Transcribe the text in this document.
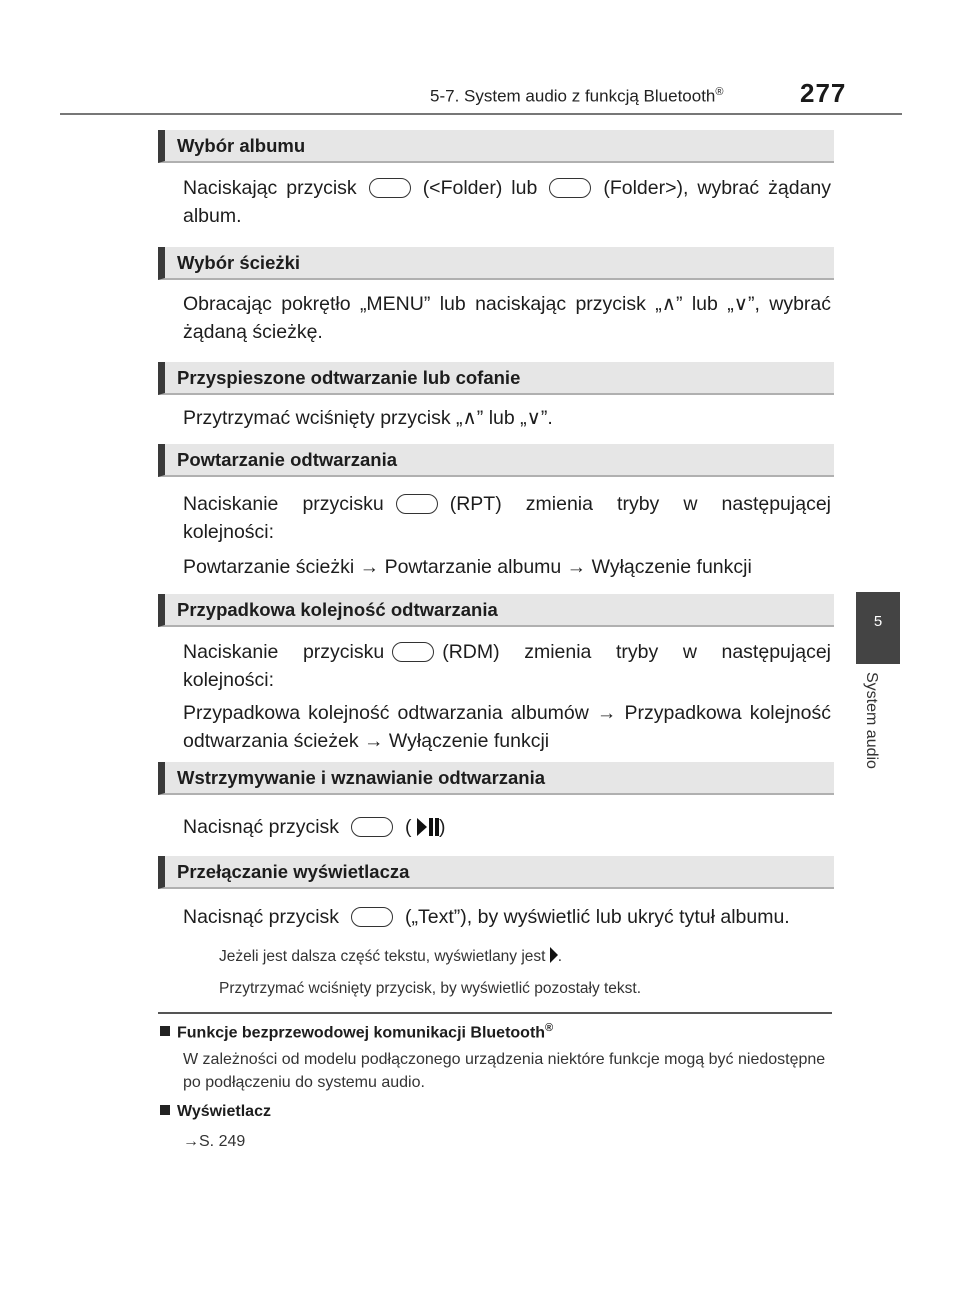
5-7. System audio z funkcją Bluetooth®	277
5
System audio
Wybór albumu
Naciskając przycisk	(<Folder) lub	(Folder>), wybrać żądany album.
Wybór ścieżki
Obracając pokrętło „MENU” lub naciskając przycisk „∧” lub „∨”, wybrać żądaną ścieżkę.
Przyspieszone odtwarzanie lub cofanie
Przytrzymać wciśnięty przycisk „∧” lub „∨”.
Powtarzanie odtwarzania
Naciskanie przycisku	(RPT) zmienia tryby w następującej kolejności:
Powtarzanie ścieżki → Powtarzanie albumu → Wyłączenie funkcji
Przypadkowa kolejność odtwarzania
Naciskanie przycisku	(RDM) zmienia tryby w następującej kolejności:
Przypadkowa kolejność odtwarzania albumów → Przypadkowa kolejność odtwarzania ścieżek → Wyłączenie funkcji
Wstrzymywanie i wznawianie odtwarzania
Nacisnąć przycisk	( )
Przełączanie wyświetlacza
Nacisnąć przycisk	(„Text”), by wyświetlić lub ukryć tytuł albumu.
Jeżeli jest dalsza część tekstu, wyświetlany jest .
Przytrzymać wciśnięty przycisk, by wyświetlić pozostały tekst.
Funkcje bezprzewodowej komunikacji Bluetooth®
W zależności od modelu podłączonego urządzenia niektóre funkcje mogą być niedostępne po podłączeniu do systemu audio.
Wyświetlacz
→S. 249
